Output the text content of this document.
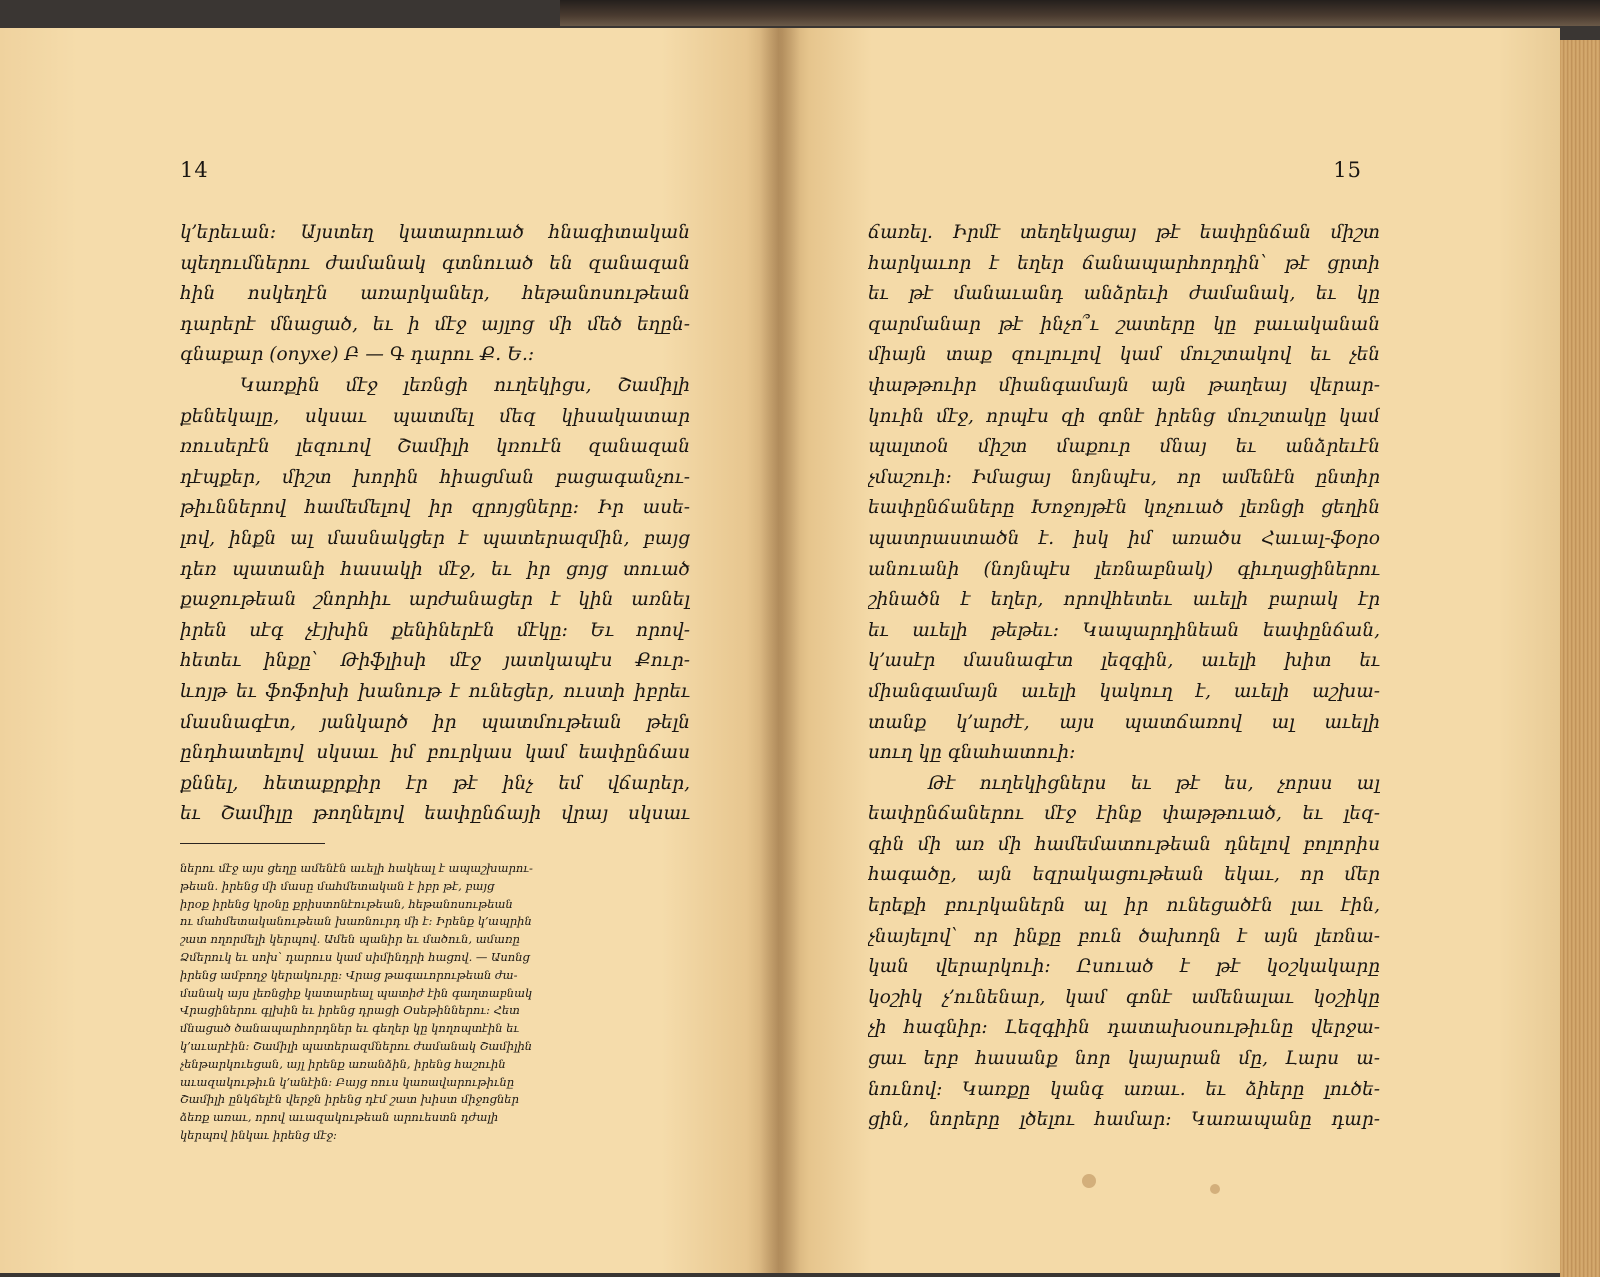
14
կ՚երեւան: Այստեղ կատարուած հնագիտական
պեղումներու ժամանակ գտնուած են զանազան
հին ոսկեղէն առարկաներ, հեթանոսութեան
դարերէ մնացած, եւ ի մէջ այլոց մի մեծ եղըն-
գնաքար (onyxe) Բ — Գ դարու Ք. Ե.:
Կառքին մէջ լեռնցի ուղեկիցս, Շամիլի
քենեկալը, սկսաւ պատմել մեզ կիսակատար
ռուսերէն լեզուով Շամիլի կռուէն զանազան
դէպքեր, միշտ խորին հիացման բացագանչու-
թիւններով համեմելով իր զրոյցները: Իր ասե-
լով, ինքն ալ մասնակցեր է պատերազմին, բայց
դեռ պատանի հասակի մէջ, եւ իր ցոյց տուած
քաջութեան շնորհիւ արժանացեր է կին առնել
իրեն սէգ չէյխին քենիներէն մէկը: Եւ որով-
հետեւ ինքը՝ Թիֆլիսի մէջ յատկապէս Քուր-
ևոյթ եւ ֆոֆոխի խանութ է ունեցեր, ուստի իբրեւ
մասնագէտ, յանկարծ իր պատմութեան թելն
ընդհատելով սկսաւ իմ բուրկաս կամ եափընճաս
քննել, հետաքրքիր էր թէ ինչ եմ վճարեր,
եւ Շամիլը թողնելով եափընճայի վրայ սկսաւ
ներու մէջ այս ցեղը ամենէն աւելի հակեալ է ապաշխարու-
թեան. իրենց մի մասը մահմետական է իբր թէ, բայց
իրօք իրենց կրօնը քրիստոնէութեան, հեթանոսութեան
ու մահմետականութեան խառնուրդ մի է: Իրենք կ՚ապրին
շատ ողորմելի կերպով. Ամեն պանիր եւ մածուն, ամառը
Ձմերուկ եւ սոխ՝ դարուս կամ սիմինդրի հացով. — Ասոնց
իրենց ամբողջ կերակուրը: Վրաց թագաւորութեան ժա-
մանակ այս լեռնցիք կատարեալ պատիժ էին գաղտաբնակ
Վրացիներու գլխին եւ իրենց դրացի Օսեթիններու: Հետ
մնացած ծանապարհորդներ եւ գեղեր կը կողոպտէին եւ
կ՚աւարէին: Շամիլի պատերազմներու ժամանակ Շամիլին
չենթարկուեցան, այլ իրենք առանձին, իրենց հաշուին
աւազակութիւն կ՚անէին: Բայց ռուս կառավարութիւնը
Շամիլի ընկճելէն վերջն իրենց դէմ շատ խիստ միջոցներ
ձեռք առաւ, որով աւազակութեան արուեստն դժալի
կերպով ինկաւ իրենց մէջ:
15
ճառել. Իրմէ տեղեկացայ թէ եափընճան միշտ
հարկաւոր է եղեր ճանապարհորդին՝ թէ ցրտի
եւ թէ մանաւանդ անձրեւի ժամանակ, եւ կը
զարմանար թէ ինչո՞ւ շատերը կը բաւականան
միայն տաք զուլուլով կամ մուշտակով եւ չեն
փաթթուիր միանգամայն այն թաղեայ վերար-
կուին մէջ, որպէս զի գոնէ իրենց մուշտակը կամ
պալտօն միշտ մաքուր մնայ եւ անձրեւէն
չմաշուի: Իմացայ նոյնպէս, որ ամենէն ընտիր
եափընճաները Խոջոյթէն կոչուած լեռնցի ցեղին
պատրաստածն է. իսկ իմ առածս Հաւալ-ֆօրօ
անուանի (նոյնպէս լեռնաբնակ) գիւղացիներու
շինածն է եղեր, որովհետեւ աւելի բարակ էր
եւ աւելի թեթեւ: Կապարդինեան եափընճան,
կ՚ասէր մասնագէտ լեզգին, աւելի խիտ եւ
միանգամայն աւելի կակուղ է, աւելի աշխա-
տանք կ՚արժէ, այս պատճառով ալ աւելի
սուղ կը գնահատուի:
Թէ ուղեկիցներս եւ թէ ես, չորսս ալ
եափընճաներու մէջ էինք փաթթուած, եւ լեզ-
գին մի առ մի համեմատութեան դնելով բոլորիս
հագածը, այն եզրակացութեան եկաւ, որ մեր
երեքի բուրկաներն ալ իր ունեցածէն լաւ էին,
չնայելով՝ որ ինքը բուն ծախողն է այն լեռնա-
կան վերարկուի: Ըսուած է թէ կօշկակարը
կօշիկ չ՚ունենար, կամ գոնէ ամենալաւ կօշիկը
չի հագնիր: Լեզգիին դատախօսութիւնը վերջա-
ցաւ երբ հասանք նոր կայարան մը, Լարս ա-
նունով: Կառքը կանգ առաւ. եւ ձիերը լուծե-
ցին, նորերը լծելու համար: Կառապանը դար-
